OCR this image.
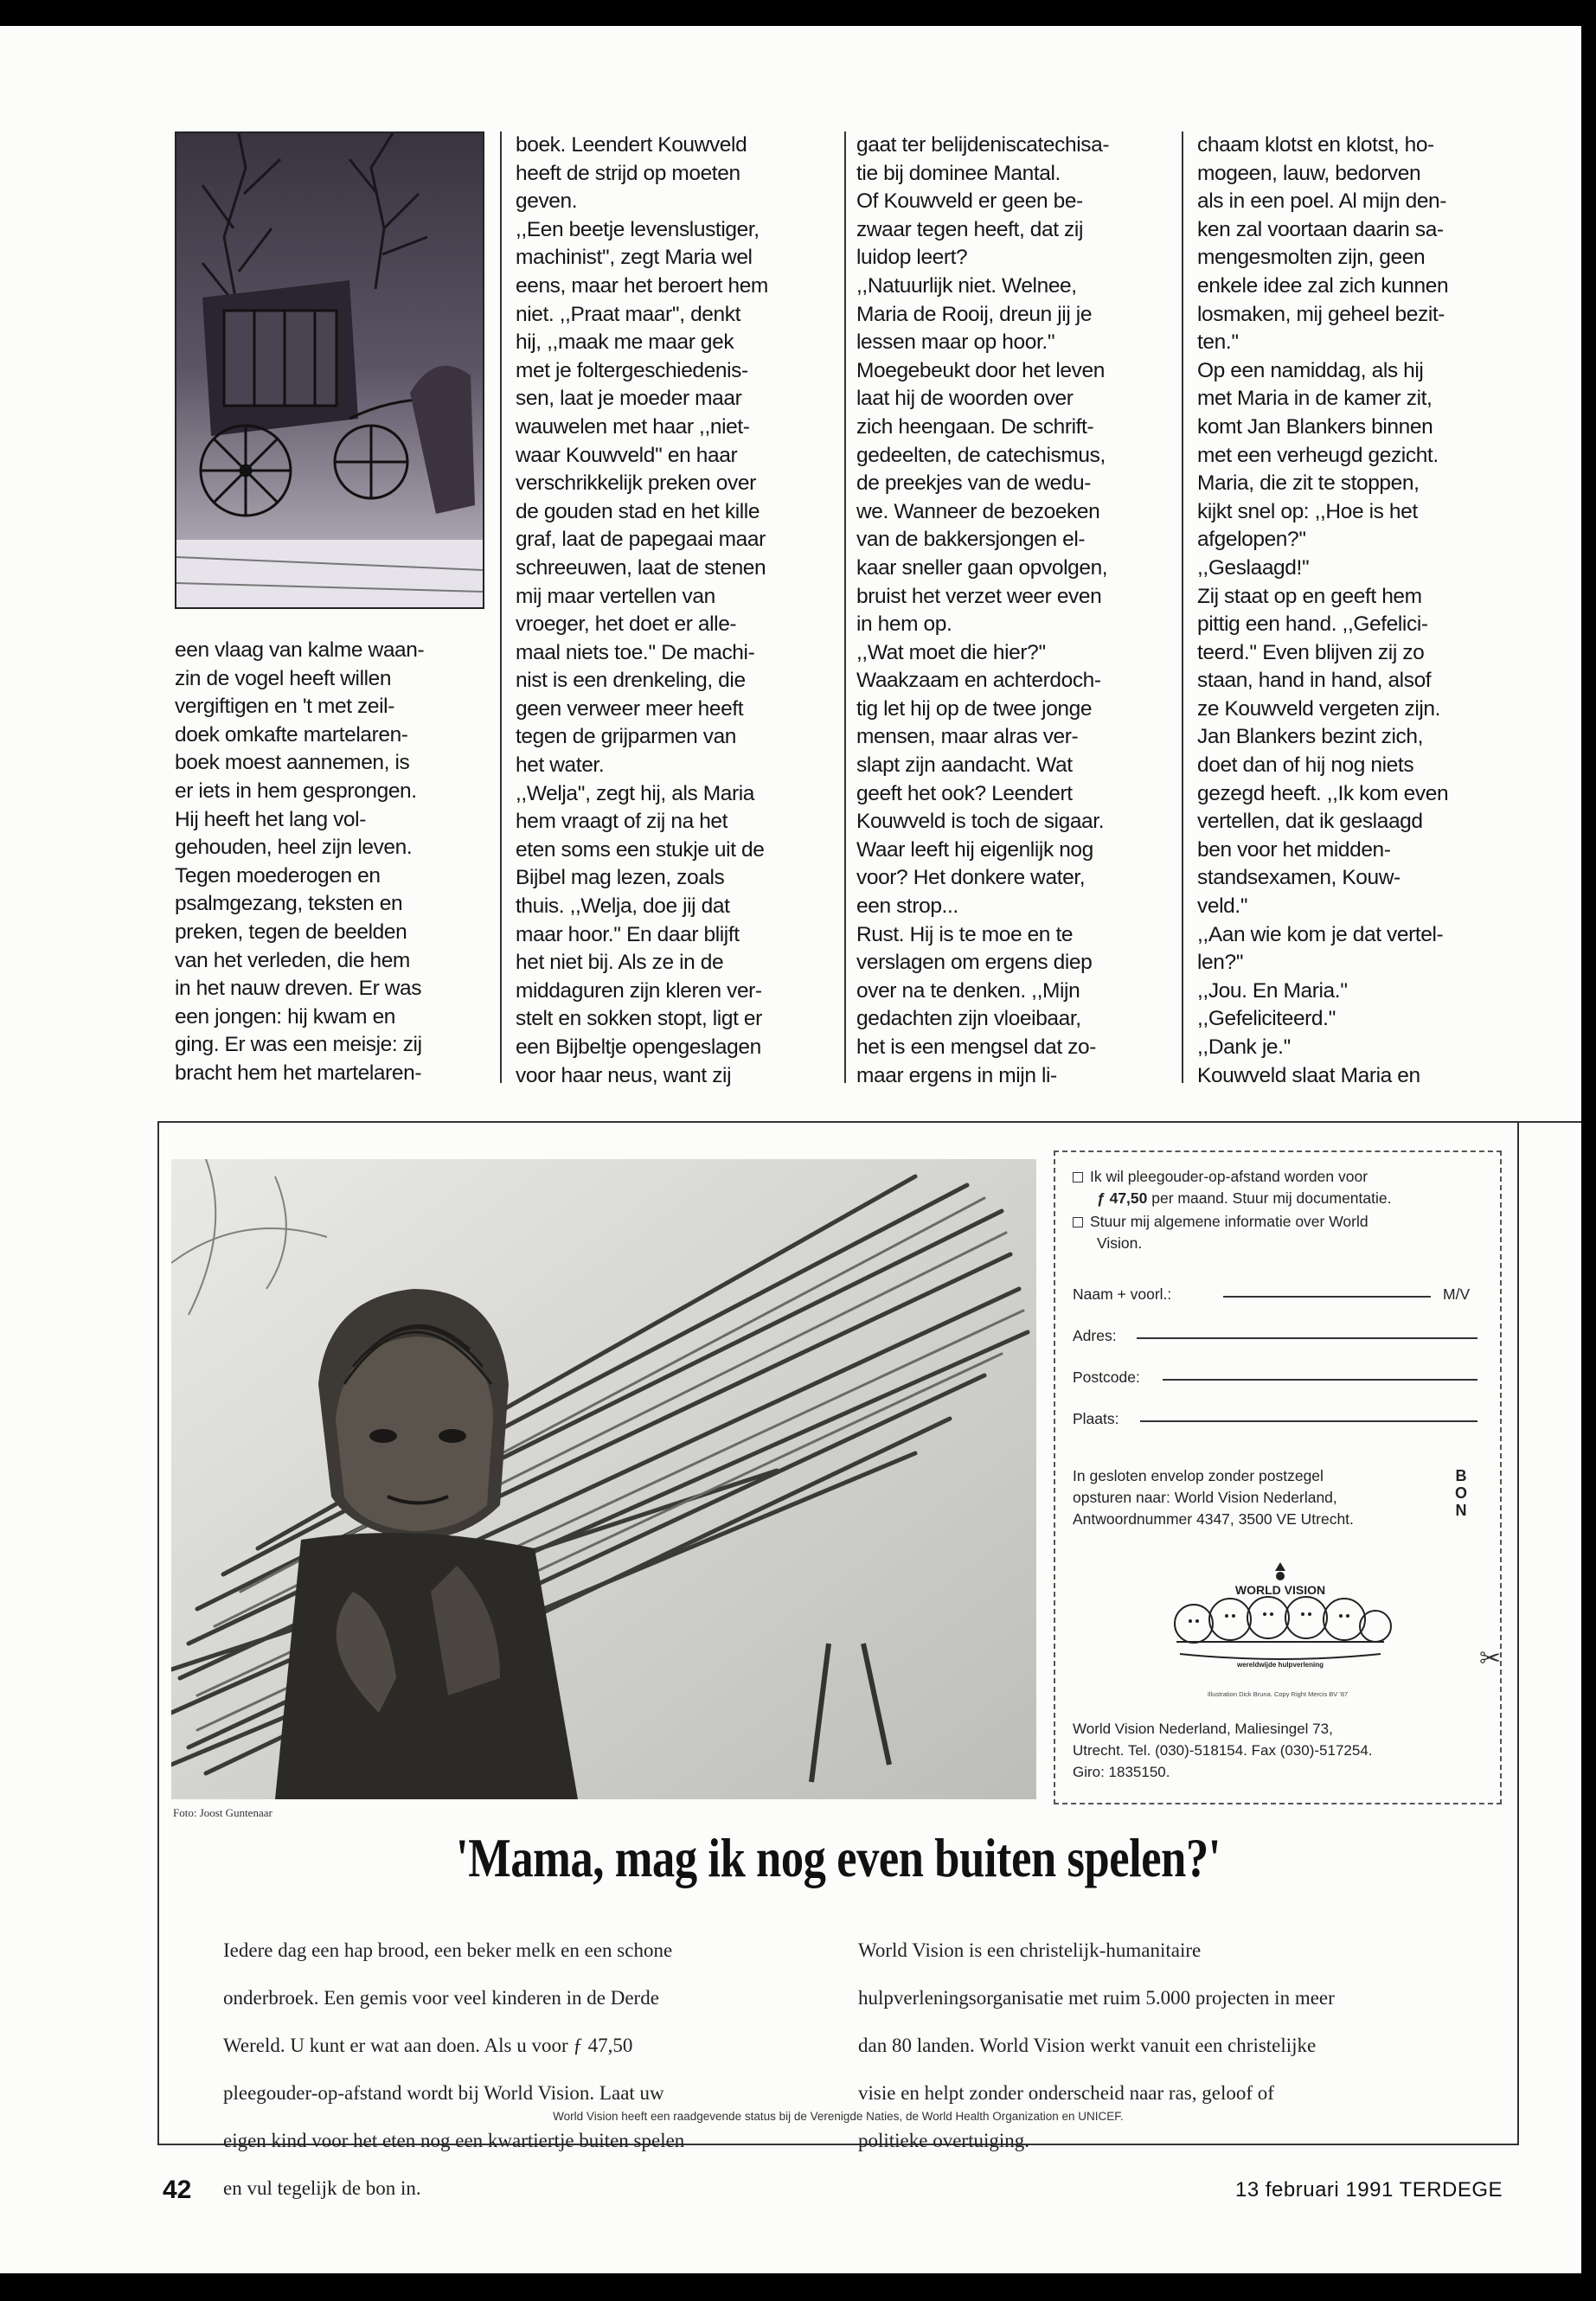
een vlaag van kalme waan-

zin de vogel heeft willen

vergiftigen en 't met zeil-

doek omkafte martelaren-

boek moest aannemen, is

er iets in hem gesprongen.

Hij heeft het lang vol-

gehouden, heel zijn leven.

Tegen moederogen en

psalmgezang, teksten en

preken, tegen de beelden

van het verleden, die hem

in het nauw dreven. Er was

een jongen: hij kwam en

ging. Er was een meisje: zij

bracht hem het martelaren-

boek. Leendert Kouwveld

heeft de strijd op moeten

geven.

,,Een beetje levenslustiger,

machinist'', zegt Maria wel

eens, maar het beroert hem

niet. ,,Praat maar'', denkt

hij, ,,maak me maar gek

met je foltergeschiedenis-

sen, laat je moeder maar

wauwelen met haar ,,niet-

waar Kouwveld'' en haar

verschrikkelijk preken over

de gouden stad en het kille

graf, laat de papegaai maar

schreeuwen, laat de stenen

mij maar vertellen van

vroeger, het doet er alle-

maal niets toe.'' De machi-

nist is een drenkeling, die

geen verweer meer heeft

tegen de grijparmen van

het water.

,,Welja'', zegt hij, als Maria

hem vraagt of zij na het

eten soms een stukje uit de

Bijbel mag lezen, zoals

thuis. ,,Welja, doe jij dat

maar hoor.'' En daar blijft

het niet bij. Als ze in de

middaguren zijn kleren ver-

stelt en sokken stopt, ligt er

een Bijbeltje opengeslagen

voor haar neus, want zij

gaat ter belijdeniscatechisa-

tie bij dominee Mantal.

Of Kouwveld er geen be-

zwaar tegen heeft, dat zij

luidop leert?

,,Natuurlijk niet. Welnee,

Maria de Rooij, dreun jij je

lessen maar op hoor.''

Moegebeukt door het leven

laat hij de woorden over

zich heengaan. De schrift-

gedeelten, de catechismus,

de preekjes van de wedu-

we. Wanneer de bezoeken

van de bakkersjongen el-

kaar sneller gaan opvolgen,

bruist het verzet weer even

in hem op.

,,Wat moet die hier?''

Waakzaam en achterdoch-

tig let hij op de twee jonge

mensen, maar alras ver-

slapt zijn aandacht. Wat

geeft het ook? Leendert

Kouwveld is toch de sigaar.

Waar leeft hij eigenlijk nog

voor? Het donkere water,

een strop...

Rust. Hij is te moe en te

verslagen om ergens diep

over na te denken. ,,Mijn

gedachten zijn vloeibaar,

het is een mengsel dat zo-

maar ergens in mijn li-

chaam klotst en klotst, ho-

mogeen, lauw, bedorven

als in een poel. Al mijn den-

ken zal voortaan daarin sa-

mengesmolten zijn, geen

enkele idee zal zich kunnen

losmaken, mij geheel bezit-

ten.''

Op een namiddag, als hij

met Maria in de kamer zit,

komt Jan Blankers binnen

met een verheugd gezicht.

Maria, die zit te stoppen,

kijkt snel op: ,,Hoe is het

afgelopen?''

,,Geslaagd!''

Zij staat op en geeft hem

pittig een hand. ,,Gefelici-

teerd.'' Even blijven zij zo

staan, hand in hand, alsof

ze Kouwveld vergeten zijn.

Jan Blankers bezint zich,

doet dan of hij nog niets

gezegd heeft. ,,Ik kom even

vertellen, dat ik geslaagd

ben voor het midden-

standsexamen, Kouw-

veld.''

,,Aan wie kom je dat vertel-

len?''

,,Jou. En Maria.''

,,Gefeliciteerd.''

,,Dank je.''

Kouwveld slaat Maria en

Foto: Joost Guntenaar
Ik wil pleegouder-op-afstand worden voor
ƒ 47,50 per maand. Stuur mij documentatie.
Stuur mij algemene informatie over World
Vision.
Naam + voorl.:	M/V
Adres:
Postcode:
Plaats:
In gesloten envelop zonder postzegel
opsturen naar: World Vision Nederland,
Antwoordnummer 4347, 3500 VE Utrecht.
B
O
N
WORLD VISION
wereldwijde hulpverlening
Illustration Dick Bruna. Copy Right Mercis BV '87
World Vision Nederland, Maliesingel 73,
Utrecht. Tel. (030)-518154. Fax (030)-517254.
Giro: 1835150.
✂
'Mama, mag ik nog even buiten spelen?'

Iedere dag een hap brood, een beker melk en een schone

onderbroek. Een gemis voor veel kinderen in de Derde

Wereld. U kunt er wat aan doen. Als u voor ƒ 47,50

pleegouder-op-afstand wordt bij World Vision. Laat uw

eigen kind voor het eten nog een kwartiertje buiten spelen

en vul tegelijk de bon in.

World Vision is een christelijk-humanitaire

hulpverleningsorganisatie met ruim 5.000 projecten in meer

dan 80 landen. World Vision werkt vanuit een christelijke

visie en helpt zonder onderscheid naar ras, geloof of

politieke overtuiging.

World Vision heeft een raadgevende status bij de Verenigde Naties, de World Health Organization en UNICEF.
42	13 februari 1991 TERDEGE
